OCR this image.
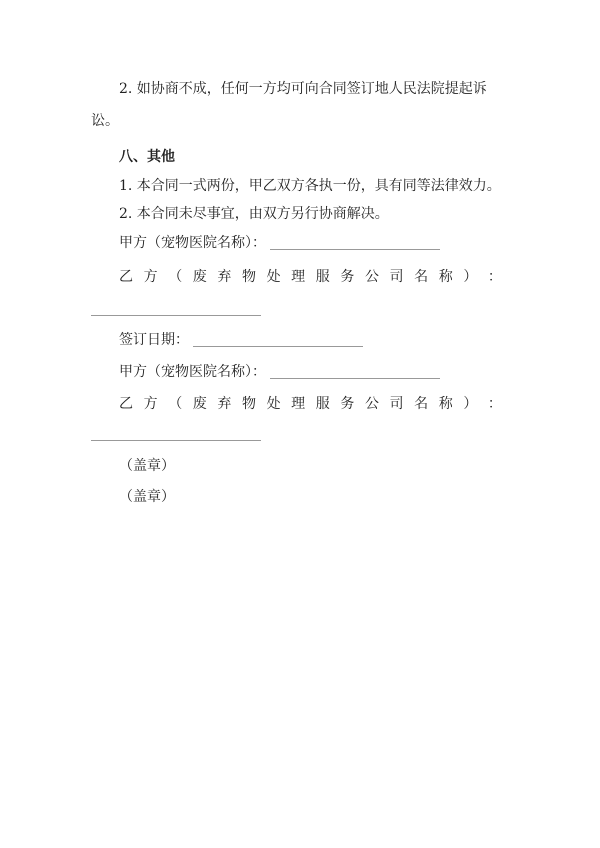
2. 如协商不成，任何一方均可向合同签订地人民法院提起诉
讼。
八、其他
1. 本合同一式两份，甲乙双方各执一份，具有同等法律效力。
2. 本合同未尽事宜，由双方另行协商解决。
甲方（宠物医院名称）：
乙 方 （ 废 弃 物 处 理 服 务 公 司 名 称 ） ：
签订日期：
甲方（宠物医院名称）：
乙 方 （ 废 弃 物 处 理 服 务 公 司 名 称 ） ：
（盖章）
（盖章）
